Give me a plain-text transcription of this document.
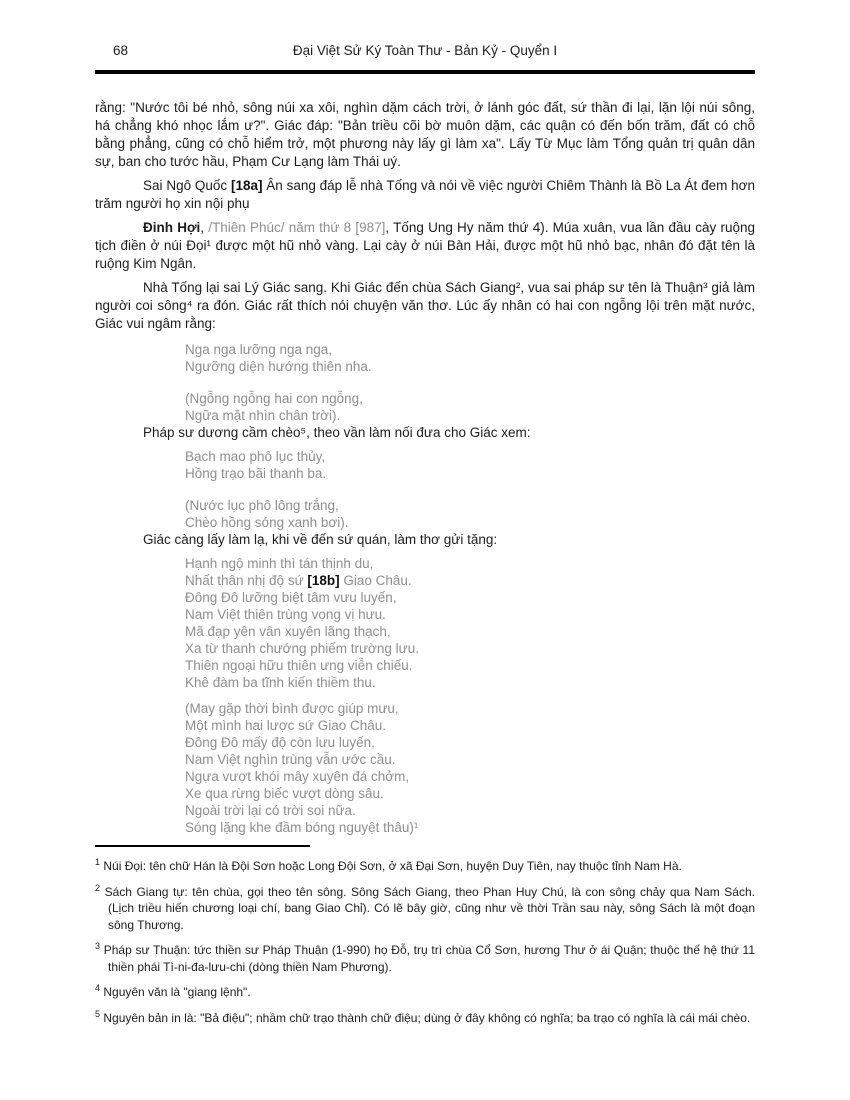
68	Đại Việt Sử Ký Toàn Thư - Bản Kỷ - Quyển I

rằng: "Nước tôi bé nhỏ, sông núi xa xôi, nghìn dặm cách trời, ở lánh góc đất, sứ thần đi lại, lặn lội núi sông, há chẳng khó nhọc lắm ư?". Giác đáp: "Bản triều cõi bờ muôn dặm, các quận có đến bốn trăm, đất có chỗ bằng phẳng, cũng có chỗ hiểm trở, một phương này lấy gì làm xa". Lấy Từ Mục làm Tổng quản trị quân dân sự, ban cho tước hầu, Phạm Cư Lạng làm Thái uý.

Sai Ngô Quốc [18a] Ân sang đáp lễ nhà Tống và nói về việc người Chiêm Thành là Bồ La Át đem hơn trăm người họ xin nội phụ

Đinh Hợi, /Thiên Phúc/ năm thứ 8 [987], Tống Ung Hy năm thứ 4). Múa xuân, vua lần đầu cày ruộng tịch điền ở núi Đọi¹ được một hũ nhỏ vàng. Lại cày ở núi Bàn Hải, được một hũ nhỏ bạc, nhân đó đặt tên là ruộng Kim Ngân.

Nhà Tống lại sai Lý Giác sang. Khi Giác đến chùa Sách Giang², vua sai pháp sư tên là Thuận³ giả làm người coi sông⁴ ra đón. Giác rất thích nói chuyện văn thơ. Lúc ấy nhân có hai con ngỗng lội trên mặt nước, Giác vui ngâm rằng:

Nga nga lưỡng nga nga,
Ngưỡng diện hướng thiên nha.
(Ngỗng ngỗng hai con ngỗng,
Ngữa mặt nhìn chân trời).

Pháp sư dương cầm chèo⁵, theo vần làm nối đưa cho Giác xem:

Bạch mao phô lục thủy,
Hồng trạo bãi thanh ba.
(Nước lục phô lông trắng,
Chèo hồng sóng xanh bơi).

Giác càng lấy làm lạ, khi về đến sứ quán, làm thơ gửi tặng:

Hạnh ngộ minh thì tán thịnh du,
Nhất thân nhị độ sứ [18b] Giao Châu.
Đông Đô lưỡng biệt tâm vưu luyến,
Nam Việt thiên trùng vọng vị hưu.
Mã đạp yên vân xuyên lãng thạch,
Xa từ thanh chướng phiếm trường lưu.
Thiên ngoại hữu thiên ưng viễn chiếu.
Khê đàm ba tĩnh kiến thiềm thu.
(May gặp thời bình được giúp mưu,
Một mình hai lược sứ Giao Châu.
Đông Đô mấy độ còn lưu luyến,
Nam Việt nghìn trùng vẫn ước cầu.
Ngựa vượt khói mây xuyên đá chởm,
Xe qua rừng biếc vượt dòng sâu.
Ngoài trời lại có trời soi nữa.
Sóng lặng khe đầm bóng nguyệt thâu)¹
$^1$ Núi Đọi: tên chữ Hán là Đội Sơn hoặc Long Đội Sơn, ở xã Đại Sơn, huyện Duy Tiên, nay thuộc tỉnh Nam Hà.
$^2$ Sách Giang tự: tên chùa, gọi theo tên sông. Sông Sách Giang, theo Phan Huy Chú, là con sông chảy qua Nam Sách. (Lịch triều hiến chương loại chí, bang Giao Chỉ). Có lẽ bây giờ, cũng như về thời Trần sau này, sông Sách là một đoạn sông Thương.
$^3$ Pháp sư Thuận: tức thiền sư Pháp Thuận (1-990) họ Đỗ, trụ trì chùa Cổ Sơn, hương Thư ở ái Quận; thuộc thế hệ thứ 11 thiền phái Tì-ni-đa-lưu-chi (dòng thiền Nam Phương).
$^4$ Nguyên văn là "giang lệnh".
$^5$ Nguyên bản in là: "Bả điệu"; nhầm chữ trạo thành chữ điệu; dùng ở đây không có nghĩa; ba trạo có nghĩa là cái mái chèo.
